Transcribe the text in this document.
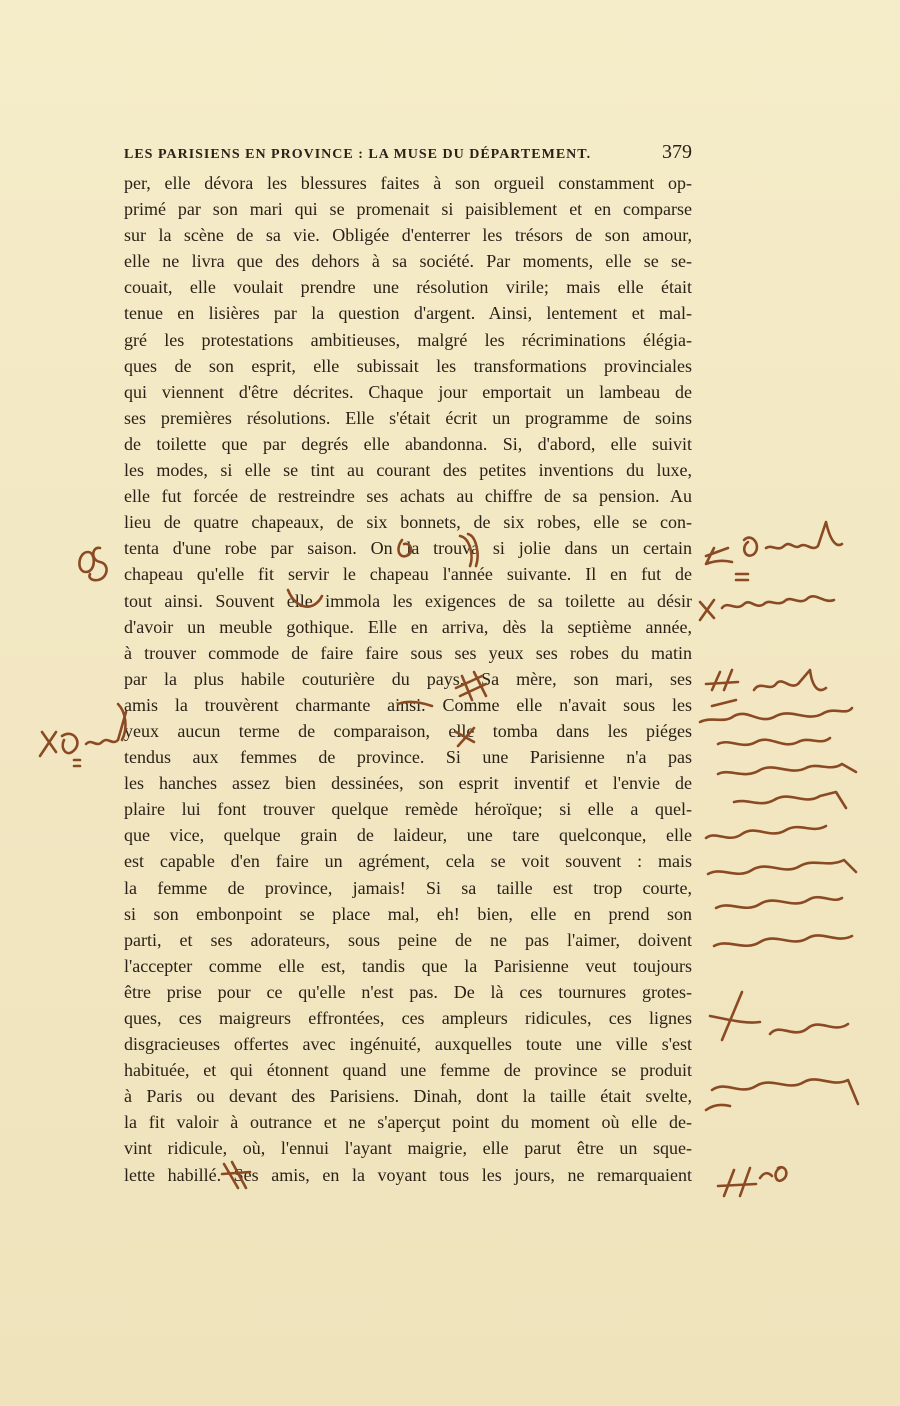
LES PARISIENS EN PROVINCE : LA MUSE DU DÉPARTEMENT.	379
per, elle dévora les blessures faites à son orgueil constamment op-
primé par son mari qui se promenait si paisiblement et en comparse
sur la scène de sa vie. Obligée d'enterrer les trésors de son amour,
elle ne livra que des dehors à sa société. Par moments, elle se se-
couait, elle voulait prendre une résolution virile; mais elle était
tenue en lisières par la question d'argent. Ainsi, lentement et mal-
gré les protestations ambitieuses, malgré les récriminations élégia-
ques de son esprit, elle subissait les transformations provinciales
qui viennent d'être décrites. Chaque jour emportait un lambeau de
ses premières résolutions. Elle s'était écrit un programme de soins
de toilette que par degrés elle abandonna. Si, d'abord, elle suivit
les modes, si elle se tint au courant des petites inventions du luxe,
elle fut forcée de restreindre ses achats au chiffre de sa pension. Au
lieu de quatre chapeaux, de six bonnets, de six robes, elle se con-
tenta d'une robe par saison. On la trouva si jolie dans un certain
chapeau qu'elle fit servir le chapeau l'année suivante. Il en fut de
tout ainsi. Souvent elle immola les exigences de sa toilette au désir
d'avoir un meuble gothique. Elle en arriva, dès la septième année,
à trouver commode de faire faire sous ses yeux ses robes du matin
par la plus habile couturière du pays. Sa mère, son mari, ses
amis la trouvèrent charmante ainsi. Comme elle n'avait sous les
yeux aucun terme de comparaison, elle tomba dans les piéges
tendus aux femmes de province. Si une Parisienne n'a pas
les hanches assez bien dessinées, son esprit inventif et l'envie de
plaire lui font trouver quelque remède héroïque; si elle a quel-
que vice, quelque grain de laideur, une tare quelconque, elle
est capable d'en faire un agrément, cela se voit souvent : mais
la femme de province, jamais! Si sa taille est trop courte,
si son embonpoint se place mal, eh! bien, elle en prend son
parti, et ses adorateurs, sous peine de ne pas l'aimer, doivent
l'accepter comme elle est, tandis que la Parisienne veut toujours
être prise pour ce qu'elle n'est pas. De là ces tournures grotes-
ques, ces maigreurs effrontées, ces ampleurs ridicules, ces lignes
disgracieuses offertes avec ingénuité, auxquelles toute une ville s'est
habituée, et qui étonnent quand une femme de province se produit
à Paris ou devant des Parisiens. Dinah, dont la taille était svelte,
la fit valoir à outrance et ne s'aperçut point du moment où elle de-
vint ridicule, où, l'ennui l'ayant maigrie, elle parut être un sque-
lette habillé. Ses amis, en la voyant tous les jours, ne remarquaient
